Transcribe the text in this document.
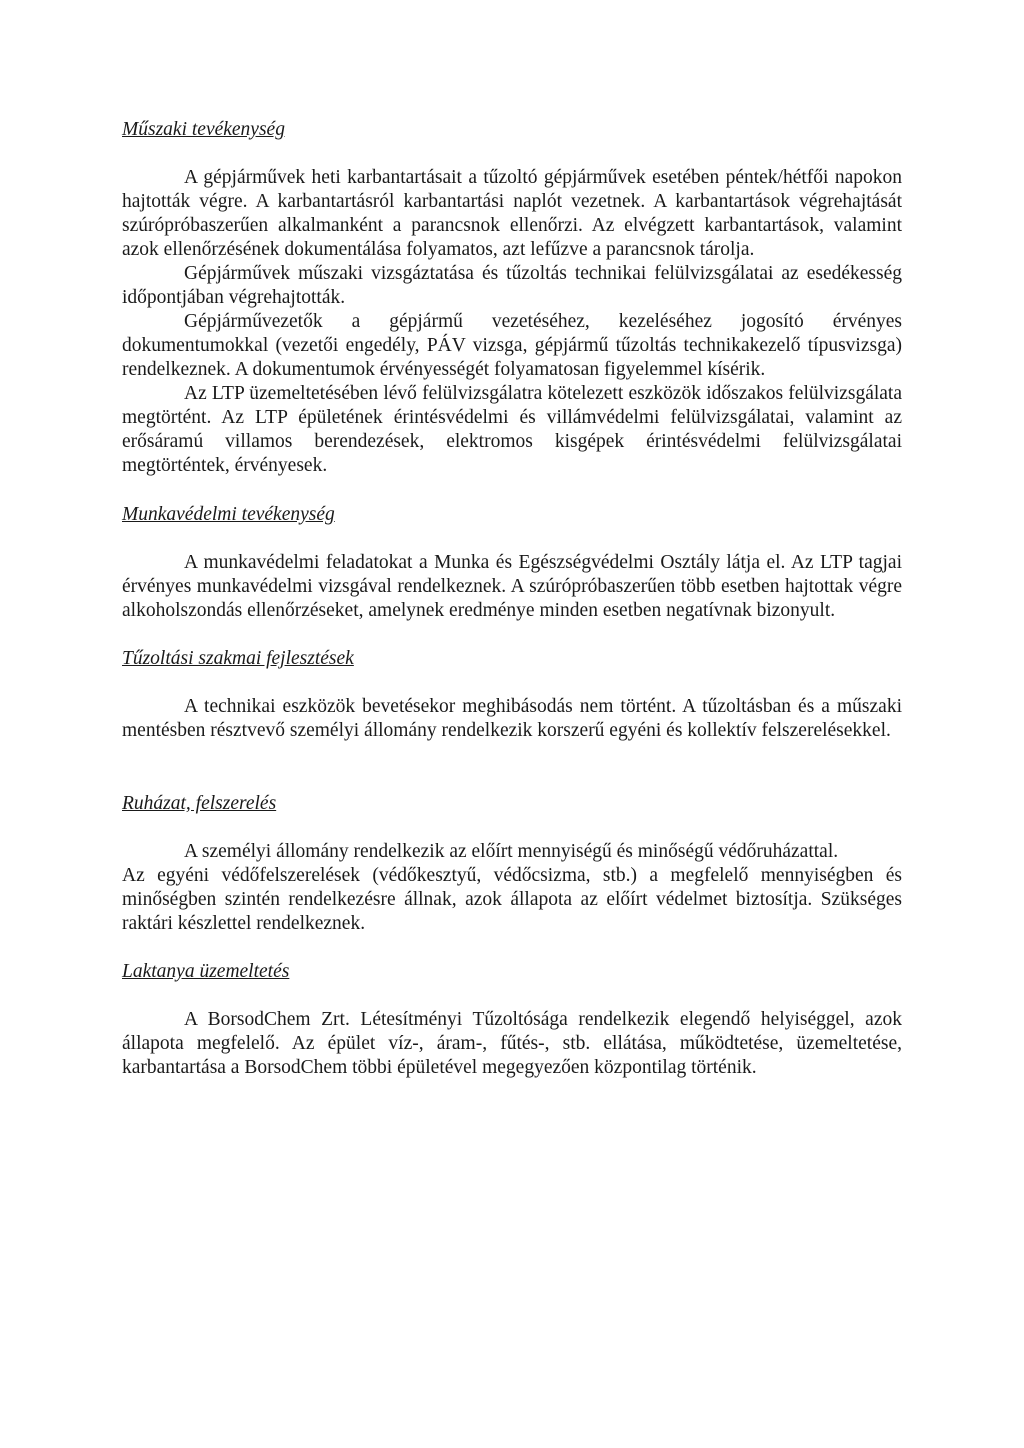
Műszaki tevékenység

A gépjárművek heti karbantartásait a tűzoltó gépjárművek esetében péntek/hétfői napokon hajtották végre. A karbantartásról karbantartási naplót vezetnek. A karbantartások végrehajtását szúrópróbaszerűen alkalmanként a parancsnok ellenőrzi. Az elvégzett karbantartások, valamint azok ellenőrzésének dokumentálása folyamatos, azt lefűzve a parancsnok tárolja.

Gépjárművek műszaki vizsgáztatása és tűzoltás technikai felülvizsgálatai az esedékesség időpontjában végrehajtották.

Gépjárművezetők a gépjármű vezetéséhez, kezeléséhez jogosító érvényes dokumentumokkal (vezetői engedély, PÁV vizsga, gépjármű tűzoltás technikakezelő típusvizsga) rendelkeznek. A dokumentumok érvényességét folyamatosan figyelemmel kísérik.

Az LTP üzemeltetésében lévő felülvizsgálatra kötelezett eszközök időszakos felülvizsgálata megtörtént. Az LTP épületének érintésvédelmi és villámvédelmi felülvizsgálatai, valamint az erősáramú villamos berendezések, elektromos kisgépek érintésvédelmi felülvizsgálatai megtörténtek, érvényesek.

Munkavédelmi tevékenység

A munkavédelmi feladatokat a Munka és Egészségvédelmi Osztály látja el. Az LTP tagjai érvényes munkavédelmi vizsgával rendelkeznek. A szúrópróbaszerűen több esetben hajtottak végre alkoholszondás ellenőrzéseket, amelynek eredménye minden esetben negatívnak bizonyult.

Tűzoltási szakmai fejlesztések

A technikai eszközök bevetésekor meghibásodás nem történt. A tűzoltásban és a műszaki mentésben résztvevő személyi állomány rendelkezik korszerű egyéni és kollektív felszerelésekkel.

Ruházat, felszerelés

A személyi állomány rendelkezik az előírt mennyiségű és minőségű védőruházattal.

Az egyéni védőfelszerelések (védőkesztyű, védőcsizma, stb.) a megfelelő mennyiségben és minőségben szintén rendelkezésre állnak, azok állapota az előírt védelmet biztosítja. Szükséges raktári készlettel rendelkeznek.

Laktanya üzemeltetés

A BorsodChem Zrt. Létesítményi Tűzoltósága rendelkezik elegendő helyiséggel, azok állapota megfelelő. Az épület víz-, áram-, fűtés-, stb. ellátása, működtetése, üzemeltetése, karbantartása a BorsodChem többi épületével megegyezően központilag történik.
